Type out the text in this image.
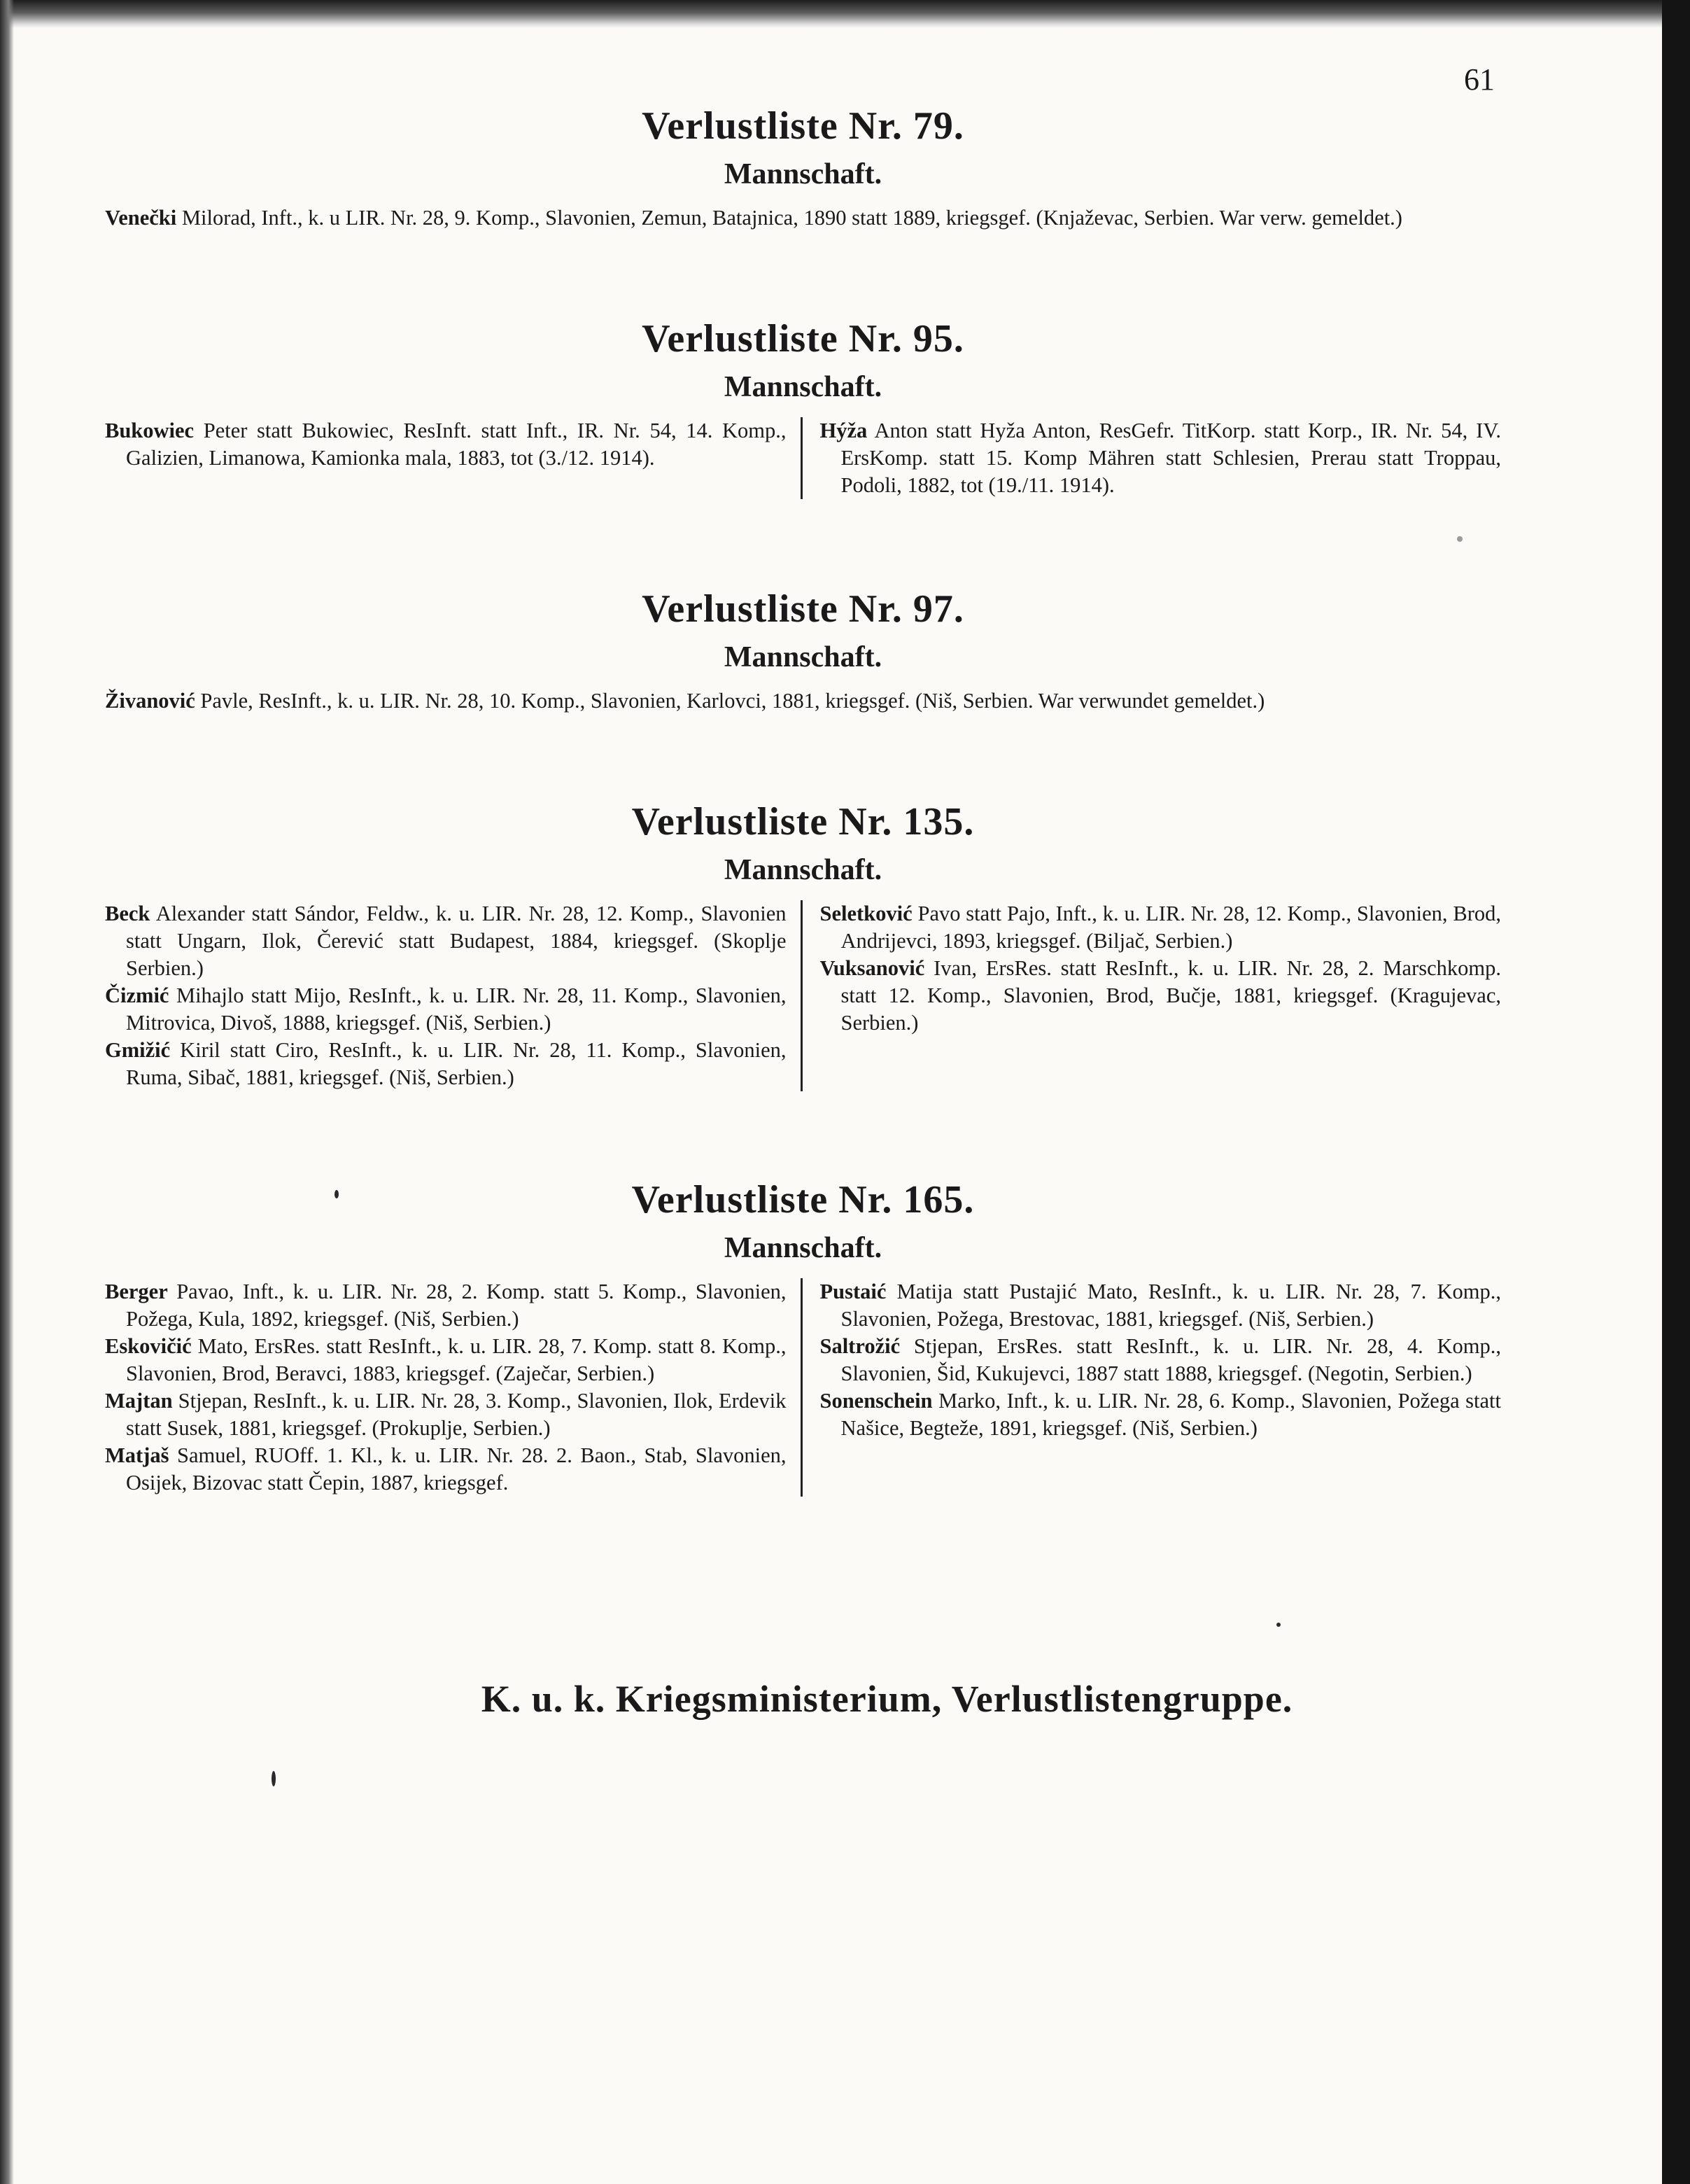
61
Verlustliste Nr. 79.
Mannschaft.

Venečki Milorad, Inft., k. u LIR. Nr. 28, 9. Komp., Slavonien, Zemun, Batajnica, 1890 statt 1889, kriegsgef. (Knjaževac, Serbien. War verw. gemeldet.)

Verlustliste Nr. 95.
Mannschaft.

Bukowiec Peter statt Bukowiec, ResInft. statt Inft., IR. Nr. 54, 14. Komp., Galizien, Limanowa, Kamionka mala, 1883, tot (3./12. 1914).

Hýža Anton statt Hyža Anton, ResGefr. TitKorp. statt Korp., IR. Nr. 54, IV. ErsKomp. statt 15. Komp Mähren statt Schlesien, Prerau statt Troppau, Podoli, 1882, tot (19./11. 1914).

Verlustliste Nr. 97.
Mannschaft.

Živanović Pavle, ResInft., k. u. LIR. Nr. 28, 10. Komp., Slavonien, Karlovci, 1881, kriegsgef. (Niš, Serbien. War verwundet gemeldet.)

Verlustliste Nr. 135.
Mannschaft.

Beck Alexander statt Sándor, Feldw., k. u. LIR. Nr. 28, 12. Komp., Slavonien statt Ungarn, Ilok, Čerević statt Budapest, 1884, kriegsgef. (Skoplje Serbien.)

Čizmić Mihajlo statt Mijo, ResInft., k. u. LIR. Nr. 28, 11. Komp., Slavonien, Mitrovica, Divoš, 1888, kriegsgef. (Niš, Serbien.)

Gmižić Kiril statt Ciro, ResInft., k. u. LIR. Nr. 28, 11. Komp., Slavonien, Ruma, Sibač, 1881, kriegsgef. (Niš, Serbien.)

Seletković Pavo statt Pajo, Inft., k. u. LIR. Nr. 28, 12. Komp., Slavonien, Brod, Andrijevci, 1893, kriegsgef. (Biljač, Serbien.)

Vuksanović Ivan, ErsRes. statt ResInft., k. u. LIR. Nr. 28, 2. Marschkomp. statt 12. Komp., Slavonien, Brod, Bučje, 1881, kriegsgef. (Kragujevac, Serbien.)

Verlustliste Nr. 165.
Mannschaft.

Berger Pavao, Inft., k. u. LIR. Nr. 28, 2. Komp. statt 5. Komp., Slavonien, Požega, Kula, 1892, kriegsgef. (Niš, Serbien.)

Eskovičić Mato, ErsRes. statt ResInft., k. u. LIR. 28, 7. Komp. statt 8. Komp., Slavonien, Brod, Beravci, 1883, kriegsgef. (Zaječar, Serbien.)

Majtan Stjepan, ResInft., k. u. LIR. Nr. 28, 3. Komp., Slavonien, Ilok, Erdevik statt Susek, 1881, kriegsgef. (Prokuplje, Serbien.)

Matjaš Samuel, RUOff. 1. Kl., k. u. LIR. Nr. 28. 2. Baon., Stab, Slavonien, Osijek, Bizovac statt Čepin, 1887, kriegsgef.

Pustaić Matija statt Pustajić Mato, ResInft., k. u. LIR. Nr. 28, 7. Komp., Slavonien, Požega, Brestovac, 1881, kriegsgef. (Niš, Serbien.)

Saltrožić Stjepan, ErsRes. statt ResInft., k. u. LIR. Nr. 28, 4. Komp., Slavonien, Šid, Kukujevci, 1887 statt 1888, kriegsgef. (Negotin, Serbien.)

Sonenschein Marko, Inft., k. u. LIR. Nr. 28, 6. Komp., Slavonien, Požega statt Našice, Begteže, 1891, kriegsgef. (Niš, Serbien.)

K. u. k. Kriegsministerium, Verlustlistengruppe.
